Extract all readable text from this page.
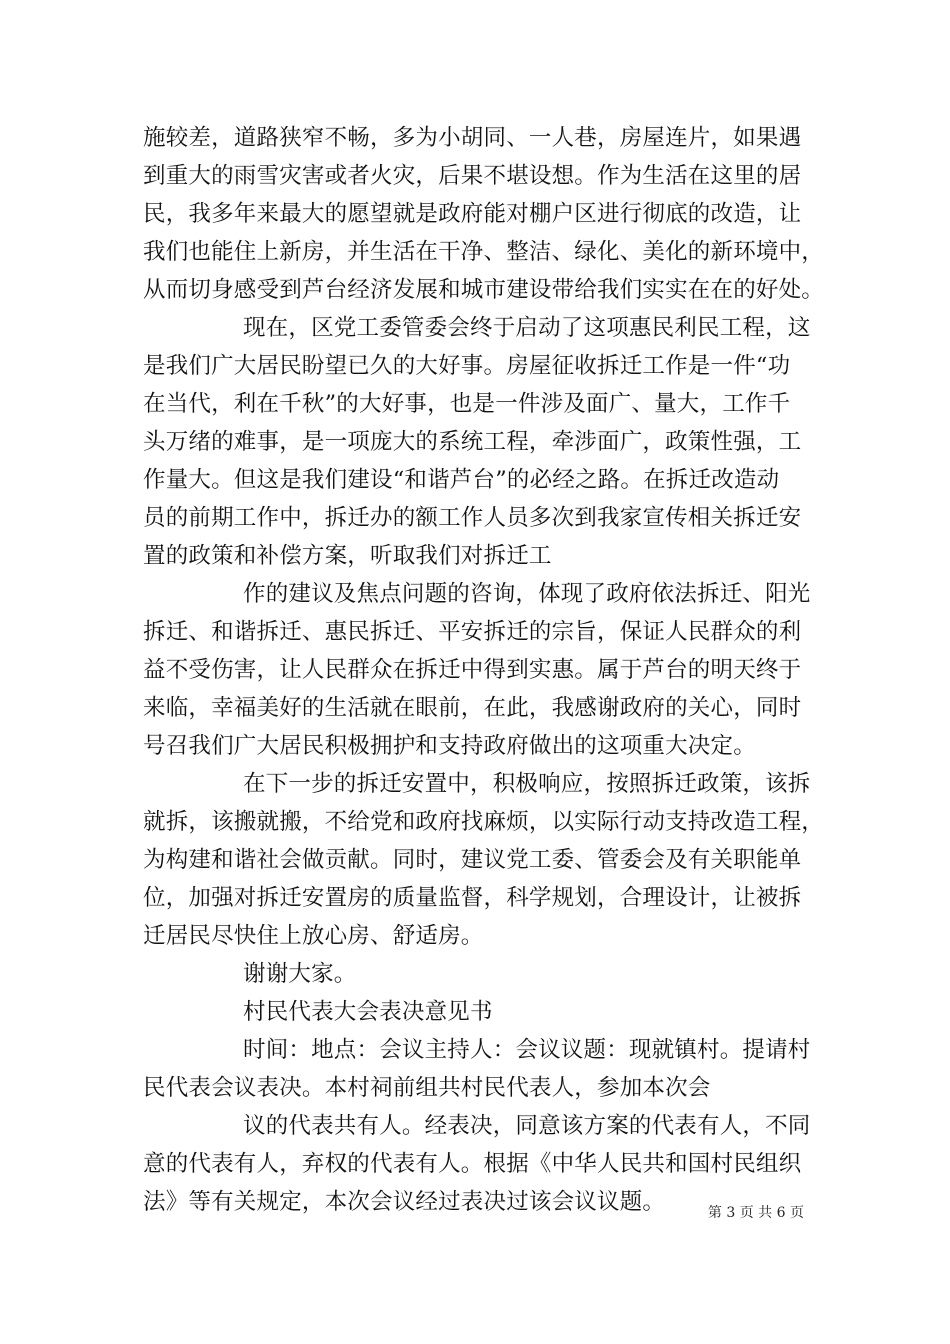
施较差，道路狭窄不畅，多为小胡同、一人巷，房屋连片，如果遇
到重大的雨雪灾害或者火灾，后果不堪设想。作为生活在这里的居
民，我多年来最大的愿望就是政府能对棚户区进行彻底的改造，让
我们也能住上新房，并生活在干净、整洁、绿化、美化的新环境中，
从而切身感受到芦台经济发展和城市建设带给我们实实在在的好处。
现在，区党工委管委会终于启动了这项惠民利民工程，这
是我们广大居民盼望已久的大好事。房屋征收拆迁工作是一件“功
在当代，利在千秋”的大好事，也是一件涉及面广、量大，工作千
头万绪的难事，是一项庞大的系统工程，牵涉面广，政策性强，工
作量大。但这是我们建设“和谐芦台”的必经之路。在拆迁改造动
员的前期工作中，拆迁办的额工作人员多次到我家宣传相关拆迁安
置的政策和补偿方案，听取我们对拆迁工
作的建议及焦点问题的咨询，体现了政府依法拆迁、阳光
拆迁、和谐拆迁、惠民拆迁、平安拆迁的宗旨，保证人民群众的利
益不受伤害，让人民群众在拆迁中得到实惠。属于芦台的明天终于
来临，幸福美好的生活就在眼前，在此，我感谢政府的关心，同时
号召我们广大居民积极拥护和支持政府做出的这项重大决定。
在下一步的拆迁安置中，积极响应，按照拆迁政策，该拆
就拆，该搬就搬，不给党和政府找麻烦，以实际行动支持改造工程，
为构建和谐社会做贡献。同时，建议党工委、管委会及有关职能单
位，加强对拆迁安置房的质量监督，科学规划，合理设计，让被拆
迁居民尽快住上放心房、舒适房。
谢谢大家。
村民代表大会表决意见书
时间：地点：会议主持人：会议议题：现就镇村。提请村
民代表会议表决。本村祠前组共村民代表人，参加本次会
议的代表共有人。经表决，同意该方案的代表有人，不同
意的代表有人，弃权的代表有人。根据《中华人民共和国村民组织
法》等有关规定，本次会议经过表决过该会议议题。	第 3 页 共 6 页
